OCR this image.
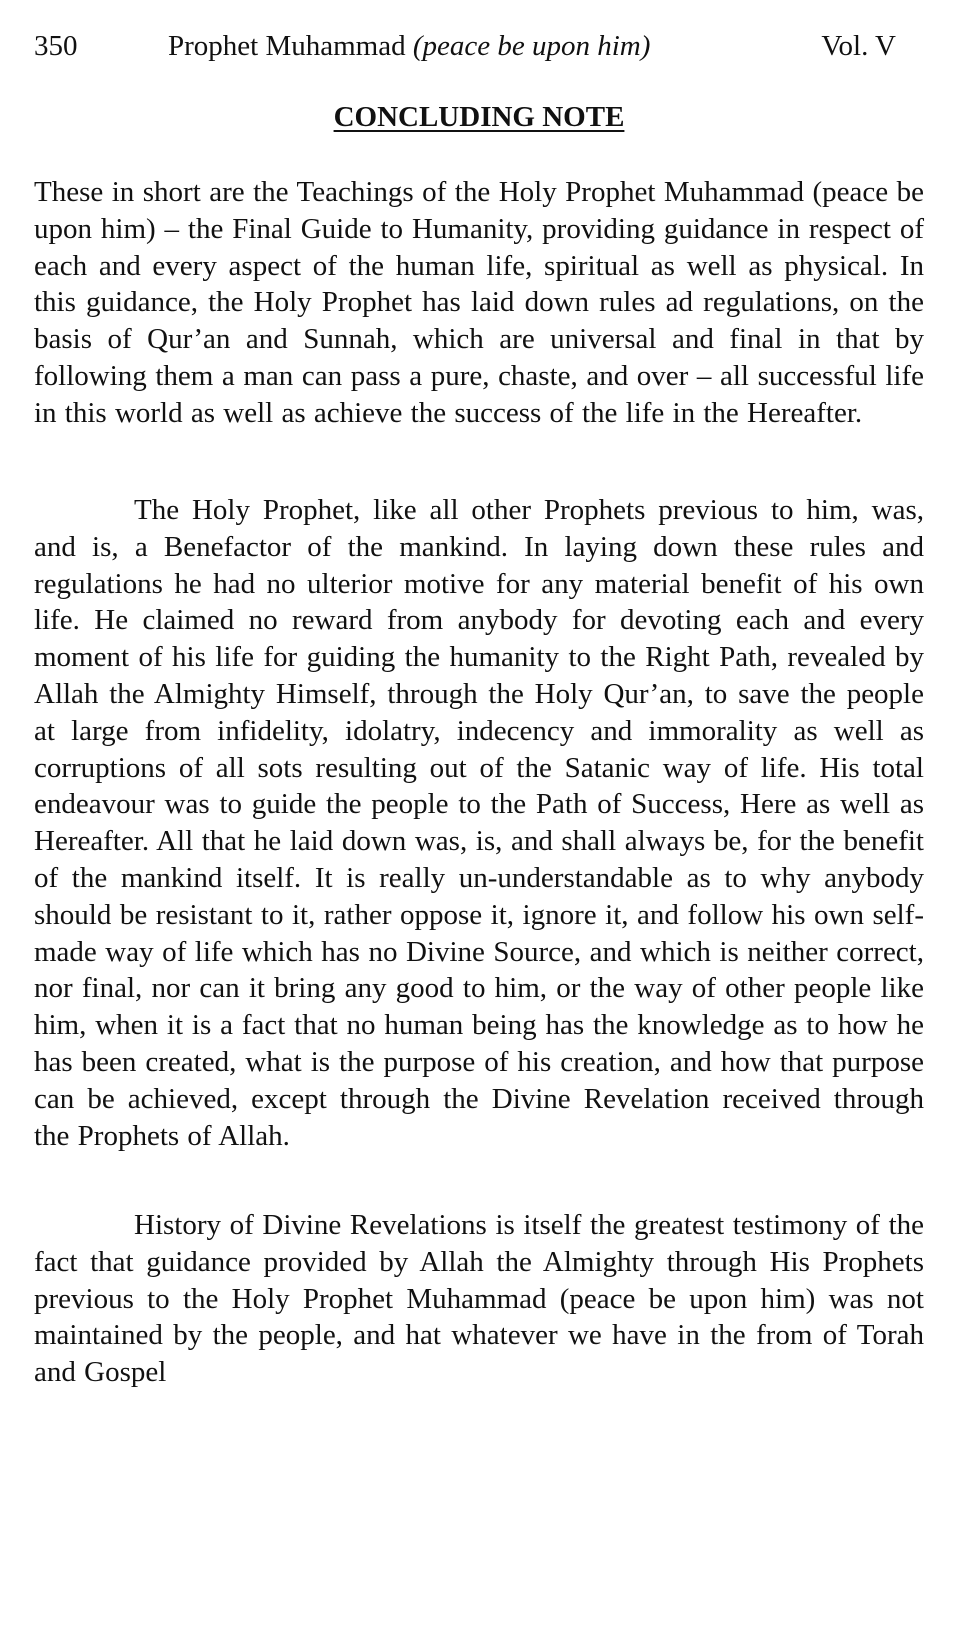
350	Prophet Muhammad (peace be upon him)	Vol. V
CONCLUDING NOTE

These in short are the Teachings of the Holy Prophet Muhammad (peace be upon him) – the Final Guide to Humanity, providing guidance in respect of each and every aspect of the human life, spiritual as well as physical. In this guidance, the Holy Prophet has laid down rules ad regulations, on the basis of Qur’an and Sunnah, which are universal and final in that by following them a man can pass a pure, chaste, and over – all successful life in this world as well as achieve the success of the life in the Hereafter.

The Holy Prophet, like all other Prophets previous to him, was, and is, a Benefactor of the mankind. In laying down these rules and regulations he had no ulterior motive for any material benefit of his own life. He claimed no reward from anybody for devoting each and every moment of his life for guiding the humanity to the Right Path, revealed by Allah the Almighty Himself, through the Holy Qur’an, to save the people at large from infidelity, idolatry, indecency and immorality as well as corruptions of all sots resulting out of the Satanic way of life. His total endeavour was to guide the people to the Path of Success, Here as well as Hereafter. All that he laid down was, is, and shall always be, for the benefit of the mankind itself. It is really un-understandable as to why anybody should be resistant to it, rather oppose it, ignore it, and follow his own self-made way of life which has no Divine Source, and which is neither correct, nor final, nor can it bring any good to him, or the way of other people like him, when it is a fact that no human being has the knowledge as to how he has been created, what is the purpose of his creation, and how that purpose can be achieved, except through the Divine Revelation received through the Prophets of Allah.

History of Divine Revelations is itself the greatest testimony of the fact that guidance provided by Allah the Almighty through His Prophets previous to the Holy Prophet Muhammad (peace be upon him) was not maintained by the people, and hat whatever we have in the from of Torah and Gospel
